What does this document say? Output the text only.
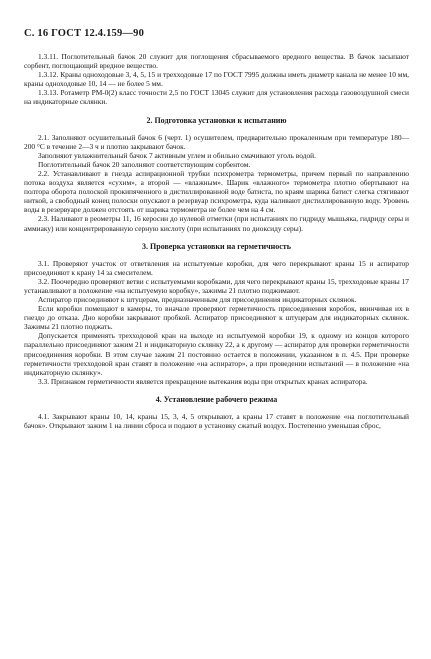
С. 16 ГОСТ 12.4.159—90

1.3.11. Поглотительный бачок 20 служит для поглощения сбрасываемого вредного вещества. В бачок засыпают сорбент, поглощающий вредное вещество.

1.3.12. Краны одноходовые 3, 4, 5, 15 и трехходовые 17 по ГОСТ 7995 должны иметь диаметр канала не менее 10 мм, краны одноходовые 10, 14 — не более 5 мм.

1.3.13. Ротаметр РМ-0(2) класс точности 2,5 по ГОСТ 13045 служит для установления расхода газовоздушной смеси на индикаторные склянки.

2. Подготовка установки к испытанию

2.1. Заполняют осушительный бачок 6 (черт. 1) осушителем, предварительно прокаленным при температуре 180—200 °С в течение 2—3 ч и плотно закрывают бачок.

Заполняют увлажнительный бачок 7 активным углем и обильно смачивают уголь водой.

Поглотительный бачок 20 заполняют соответствующим сорбентом.

2.2. Устанавливают в гнезда аспирационной трубки психрометра термометры, причем первый по направлению потока воздуха является «сухим», а второй — «влажным». Шарик «влажного» термометра плотно обертывают на полтора оборота полоской прокипяченного в дистиллированной воде батиста, по краям шарика батист слегка стягивают ниткой, а свободный конец полоски опускают в резервуар психрометра, куда наливают дистиллированную воду. Уровень воды в резервуаре должен отстоять от шарика термометра не более чем на 4 см.

2.3. Наливают в реометры 11, 16 керосин до нулевой отметки (при испытаниях по гидриду мышьяка, гидриду серы и аммиаку) или концентрированную серную кислоту (при испытаниях по диоксиду серы).

3. Проверка установки на герметичность

3.1. Проверяют участок от ответвления на испытуемые коробки, для чего перекрывают краны 15 и аспиратор присоединяют к крану 14 за смесителем.

3.2. Поочередно проверяют ветви с испытуемыми коробками, для чего перекрывают краны 15, трехходовые краны 17 устанавливают в положение «на испытуемую коробку», зажимы 21 плотно поджимают.

Аспиратор присоединяют к штуцерам, предназначенным для присоединения индикаторных склянок.

Если коробки помещают в камеры, то вначале проверяют герметичность присоединения коробок, ввинчивая их в гнездо до отказа. Дно коробки закрывают пробкой. Аспиратор присоединяют к штуцерам для индикаторных склянок. Зажимы 21 плотно поджать.

Допускается применять трехходовой кран на выходе из испытуемой коробки 19, к одному из концов которого параллельно присоединяют зажим 21 и индикаторную склянку 22, а к другому — аспиратор для проверки герметичности присоединения коробки. В этом случае зажим 21 постоянно остается в положении, указанном в п. 4.5. При проверке герметичности трехходовой кран ставят в положение «на аспиратор», а при проведении испытаний — в положение «на индикаторную склянку».

3.3. Признаком герметичности является прекращение вытекания воды при открытых кранах аспиратора.

4. Установление рабочего режима

4.1. Закрывают краны 10, 14, краны 15, 3, 4, 5 открывают, а краны 17 ставят в положение «на поглотительный бачок». Открывают зажим 1 на линии сброса и подают в установку сжатый воздух. Постепенно уменьшая сброс,
